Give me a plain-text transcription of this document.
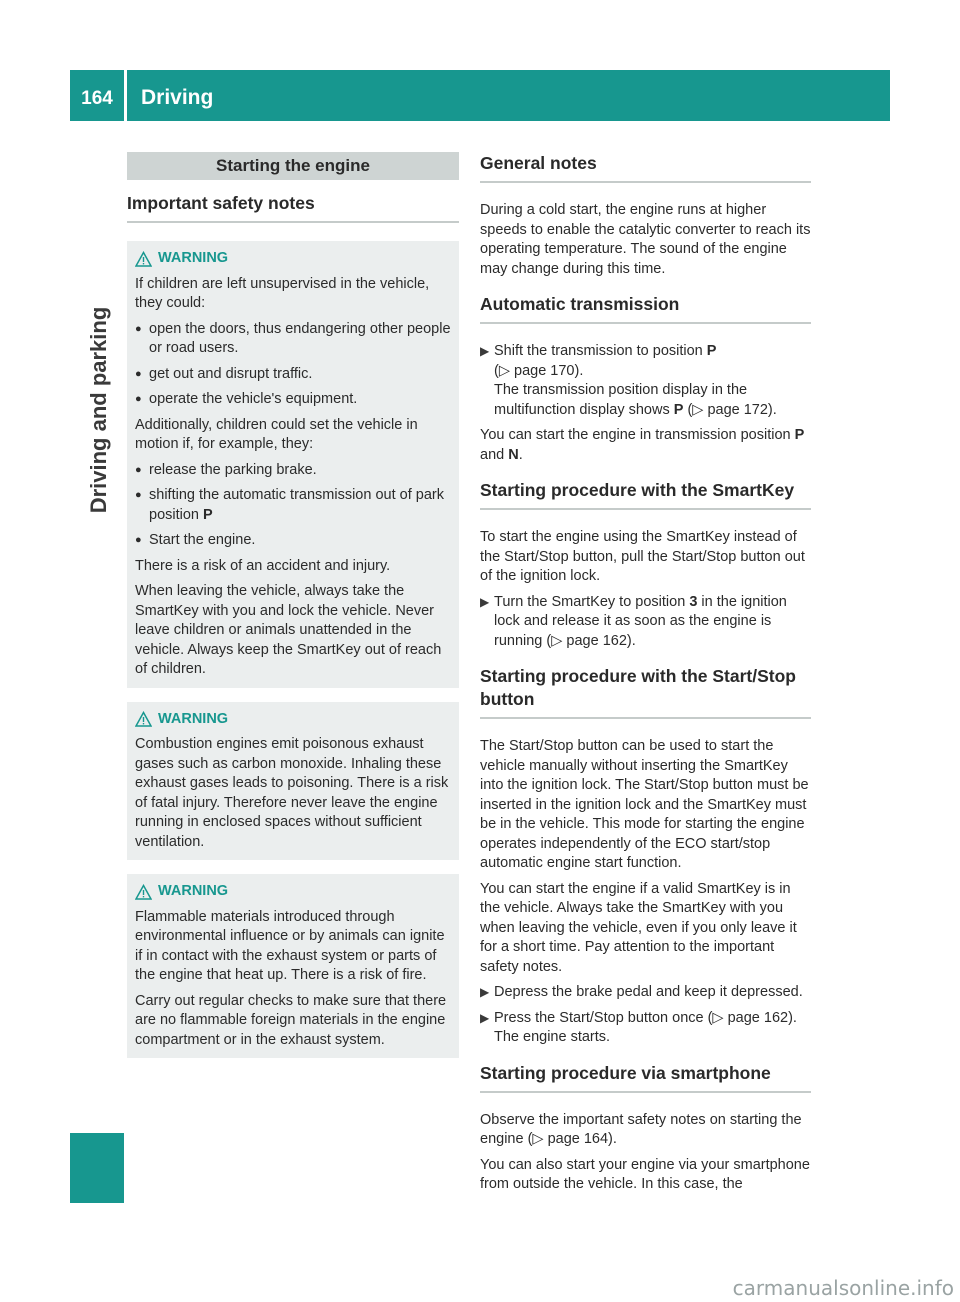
164	Driving
Driving and parking
Starting the engine
Important safety notes
WARNING
If children are left unsupervised in the vehicle, they could:
● open the doors, thus endangering other people or road users.
● get out and disrupt traffic.
● operate the vehicle's equipment.
Additionally, children could set the vehicle in motion if, for example, they:
● release the parking brake.
● shifting the automatic transmission out of park position P
● Start the engine.
There is a risk of an accident and injury.
When leaving the vehicle, always take the SmartKey with you and lock the vehicle. Never leave children or animals unattended in the vehicle. Always keep the SmartKey out of reach of children.
WARNING
Combustion engines emit poisonous exhaust gases such as carbon monoxide. Inhaling these exhaust gases leads to poisoning. There is a risk of fatal injury. Therefore never leave the engine running in enclosed spaces without sufficient ventilation.
WARNING
Flammable materials introduced through environmental influence or by animals can ignite if in contact with the exhaust system or parts of the engine that heat up. There is a risk of fire.
Carry out regular checks to make sure that there are no flammable foreign materials in the engine compartment or in the exhaust system.
General notes
During a cold start, the engine runs at higher speeds to enable the catalytic converter to reach its operating temperature. The sound of the engine may change during this time.
Automatic transmission
▶ Shift the transmission to position P
(▷ page 170).
The transmission position display in the multifunction display shows P (▷ page 172).
You can start the engine in transmission position P and N.
Starting procedure with the SmartKey
To start the engine using the SmartKey instead of the Start/Stop button, pull the Start/Stop button out of the ignition lock.
▶ Turn the SmartKey to position 3 in the ignition lock and release it as soon as the engine is running (▷ page 162).
Starting procedure with the Start/Stop button
The Start/Stop button can be used to start the vehicle manually without inserting the SmartKey into the ignition lock. The Start/Stop button must be inserted in the ignition lock and the SmartKey must be in the vehicle. This mode for starting the engine operates independently of the ECO start/stop automatic engine start function.
You can start the engine if a valid SmartKey is in the vehicle. Always take the SmartKey with you when leaving the vehicle, even if you only leave it for a short time. Pay attention to the important safety notes.
▶ Depress the brake pedal and keep it depressed.
▶ Press the Start/Stop button once (▷ page 162).
The engine starts.
Starting procedure via smartphone
Observe the important safety notes on starting the engine (▷ page 164).
You can also start your engine via your smartphone from outside the vehicle. In this case, the
carmanualsonline.info
